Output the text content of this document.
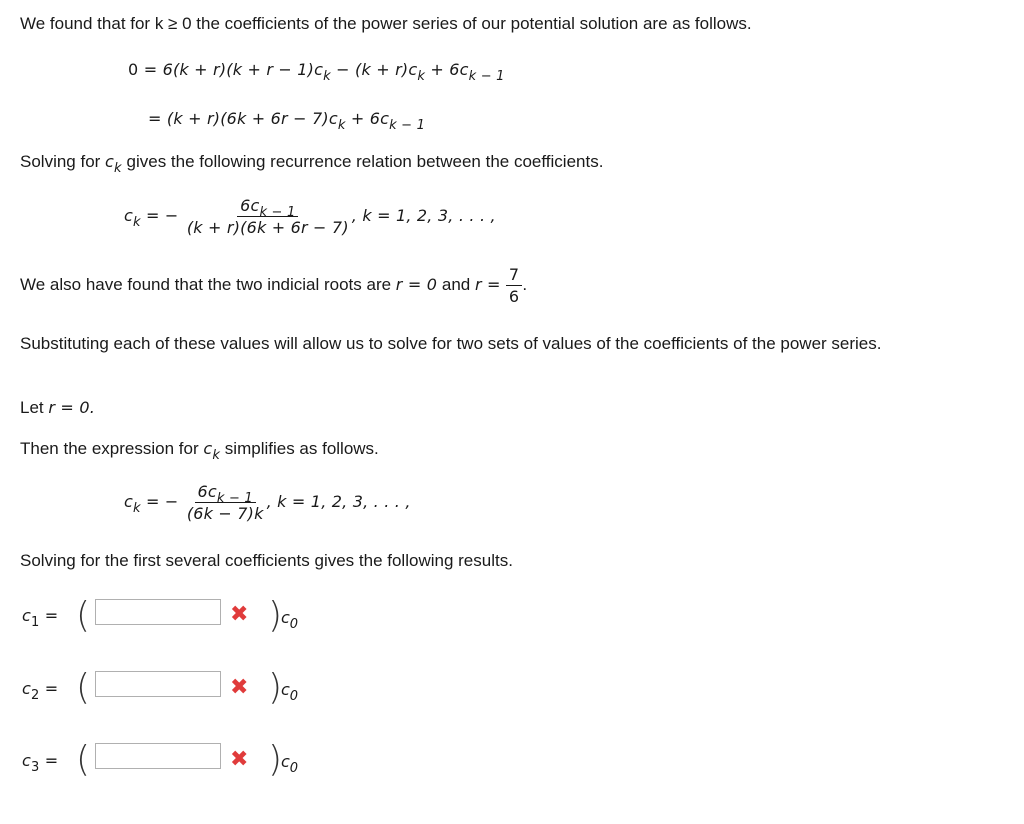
We found that for k ≥ 0 the coefficients of the power series of our potential solution are as follows.
$0 = 6(k + r)(k + r - 1)c_k - (k + r)c_k + 6c_{k - 1}$
= $(k + r)(6k + 6r - 7)c_k + 6c_{k - 1}$
Solving for $c_k$ gives the following recurrence relation between the coefficients.
$c_k$ = − $\frac{6c_{k - 1}}{(k + r)(6k + 6r - 7)}$ , k = 1, 2, 3, . . . ,
We also have found that the two indicial roots are r = 0 and $r = \frac{7}{6}$ .
Substituting each of these values will allow us to solve for two sets of values of the coefficients of the power series.
Let r = 0.
Then the expression for $c_k$ simplifies as follows.
$c_k$ = − $\frac{6c_{k - 1}}{(6k - 7)k}$ , k = 1, 2, 3, . . . ,
Solving for the first several coefficients gives the following results.
$c_1$ = (	✖ )
$c_0$
$c_2$ = (	✖ )
$c_0$
$c_3$ = (	✖ )
$c_0$
